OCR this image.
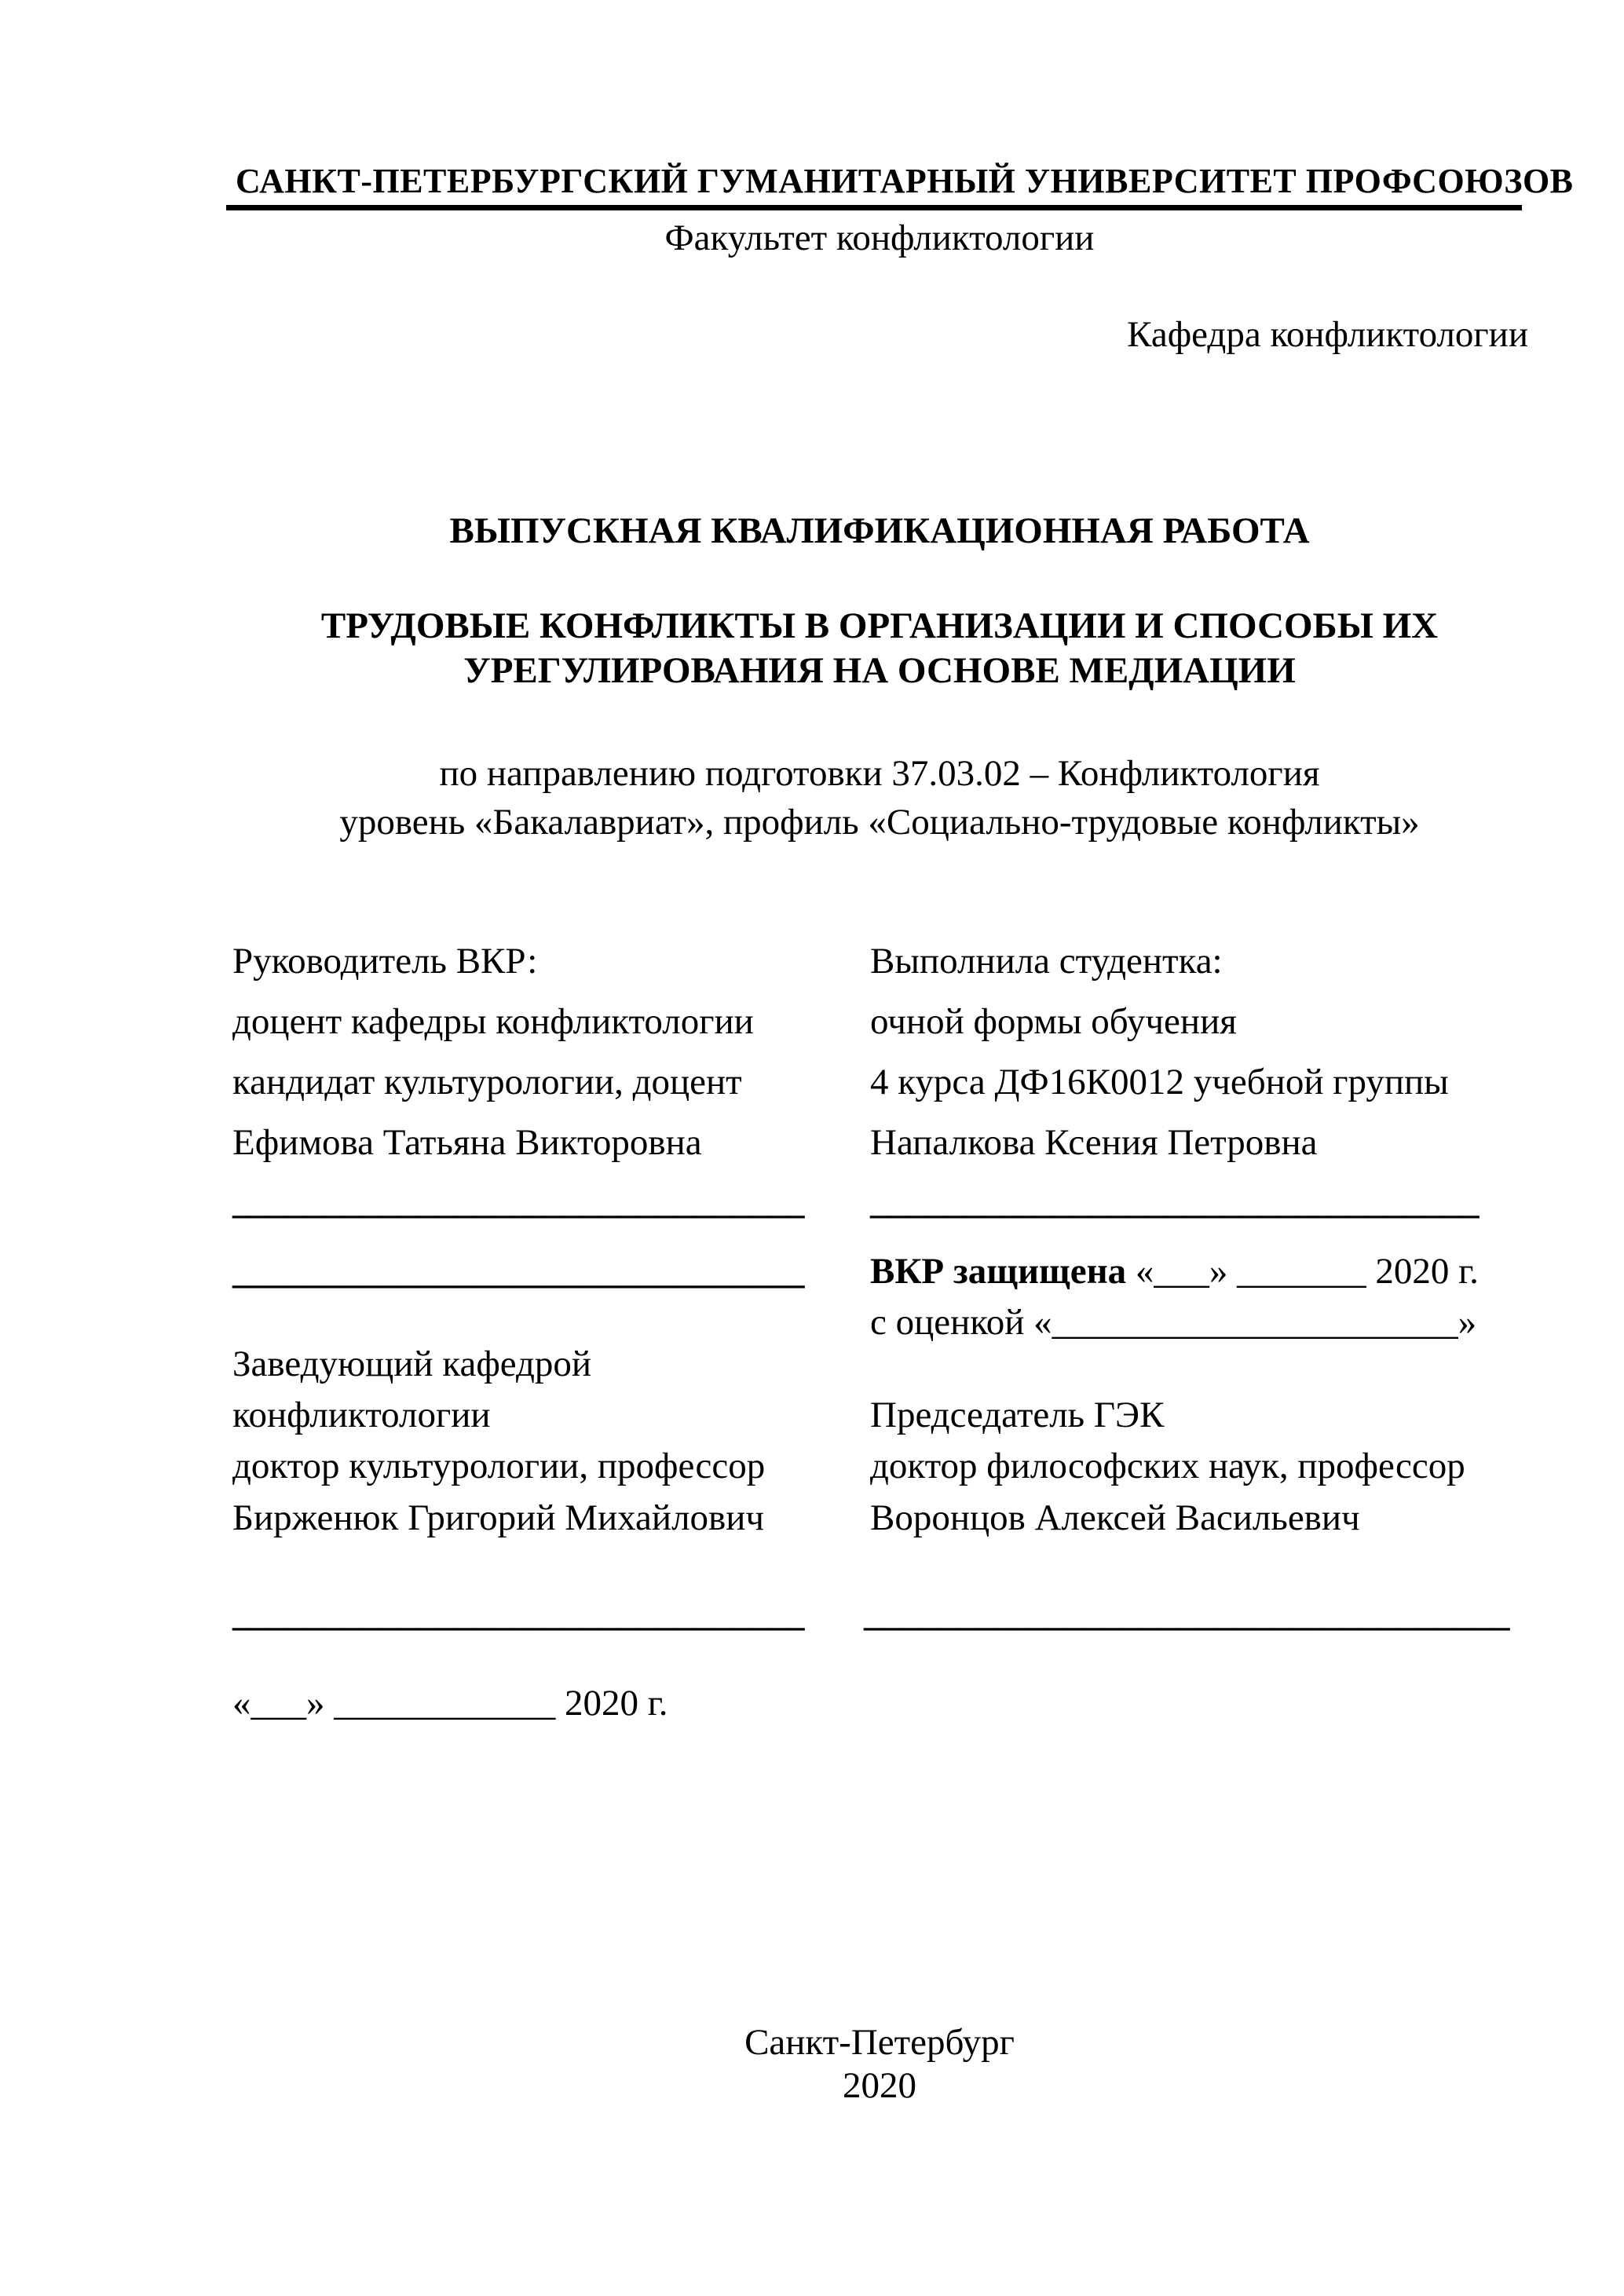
САНКТ-ПЕТЕРБУРГСКИЙ ГУМАНИТАРНЫЙ УНИВЕРСИТЕТ ПРОФСОЮЗОВ
Факультет конфликтологии
Кафедра конфликтологии
ВЫПУСКНАЯ КВАЛИФИКАЦИОННАЯ РАБОТА
ТРУДОВЫЕ КОНФЛИКТЫ В ОРГАНИЗАЦИИ И СПОСОБЫ ИХ
УРЕГУЛИРОВАНИЯ НА ОСНОВЕ МЕДИАЦИИ
по направлению подготовки 37.03.02 – Конфликтология
уровень «Бакалавриат», профиль «Социально-трудовые конфликты»
Руководитель ВКР:
доцент кафедры конфликтологии
кандидат культурологии, доцент
Ефимова Татьяна Викторовна
_______________________________
_______________________________
Выполнила студентка:
очной формы обучения
4 курса ДФ16К0012 учебной группы
Напалкова Ксения Петровна
_________________________________
ВКР защищена «___» _______ 2020 г.
с оценкой «______________________»
Заведующий кафедрой
конфликтологии
доктор культурологии, профессор
Бирженюк Григорий Михайлович
Председатель ГЭК
доктор философских наук, профессор
Воронцов Алексей Васильевич
_______________________________ ___________________________________
«___» ____________ 2020 г.
Санкт-Петербург
2020
